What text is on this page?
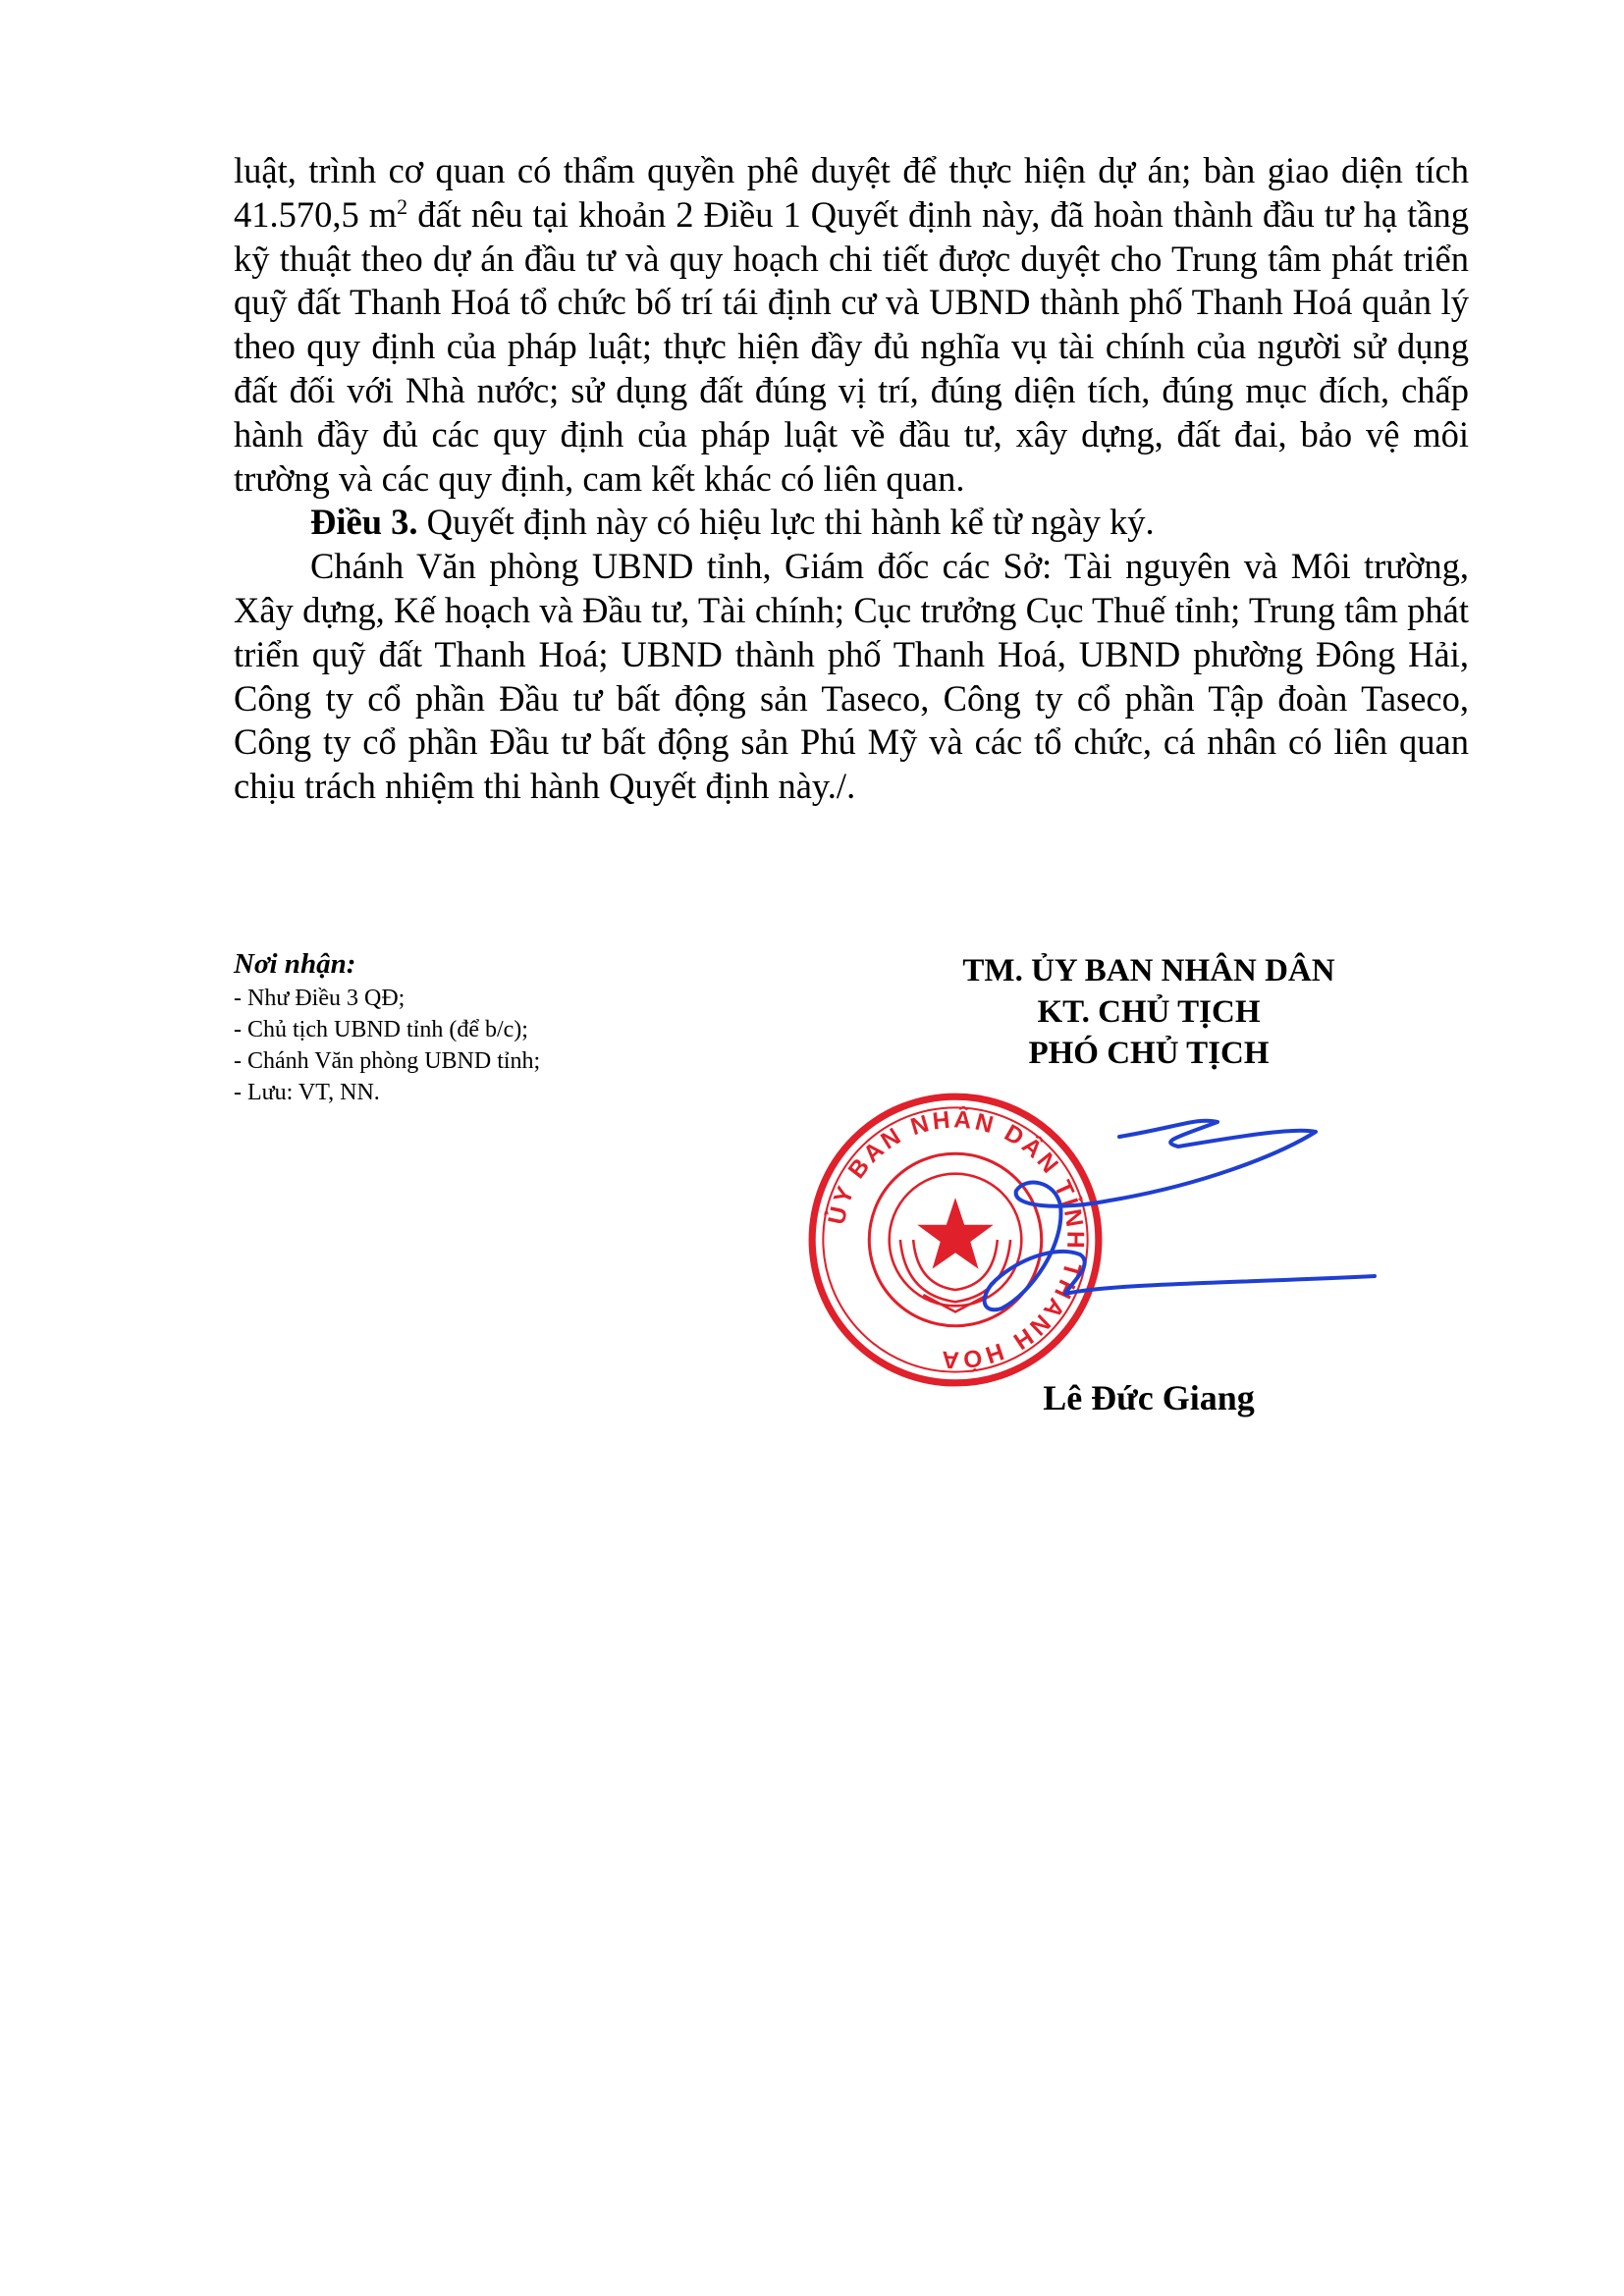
luật, trình cơ quan có thẩm quyền phê duyệt để thực hiện dự án; bàn giao diện tích 41.570,5 $m^2$ đất nêu tại khoản 2 Điều 1 Quyết định này, đã hoàn thành đầu tư hạ tầng kỹ thuật theo dự án đầu tư và quy hoạch chi tiết được duyệt cho Trung tâm phát triển quỹ đất Thanh Hoá tổ chức bố trí tái định cư và UBND thành phố Thanh Hoá quản lý theo quy định của pháp luật; thực hiện đầy đủ nghĩa vụ tài chính của người sử dụng đất đối với Nhà nước; sử dụng đất đúng vị trí, đúng diện tích, đúng mục đích, chấp hành đầy đủ các quy định của pháp luật về đầu tư, xây dựng, đất đai, bảo vệ môi trường và các quy định, cam kết khác có liên quan.

Điều 3. Quyết định này có hiệu lực thi hành kể từ ngày ký.

Chánh Văn phòng UBND tỉnh, Giám đốc các Sở: Tài nguyên và Môi trường, Xây dựng, Kế hoạch và Đầu tư, Tài chính; Cục trưởng Cục Thuế tỉnh; Trung tâm phát triển quỹ đất Thanh Hoá; UBND thành phố Thanh Hoá, UBND phường Đông Hải, Công ty cổ phần Đầu tư bất động sản Taseco, Công ty cổ phần Tập đoàn Taseco, Công ty cổ phần Đầu tư bất động sản Phú Mỹ và các tổ chức, cá nhân có liên quan chịu trách nhiệm thi hành Quyết định này./.

Nơi nhận:
- Như Điều 3 QĐ;
- Chủ tịch UBND tỉnh (để b/c);
- Chánh Văn phòng UBND tỉnh;
- Lưu: VT, NN.
TM. ỦY BAN NHÂN DÂN
KT. CHỦ TỊCH
PHÓ CHỦ TỊCH
ỦY BAN NHÂN DÂN TỈNH THANH HÓA
Lê Đức Giang
